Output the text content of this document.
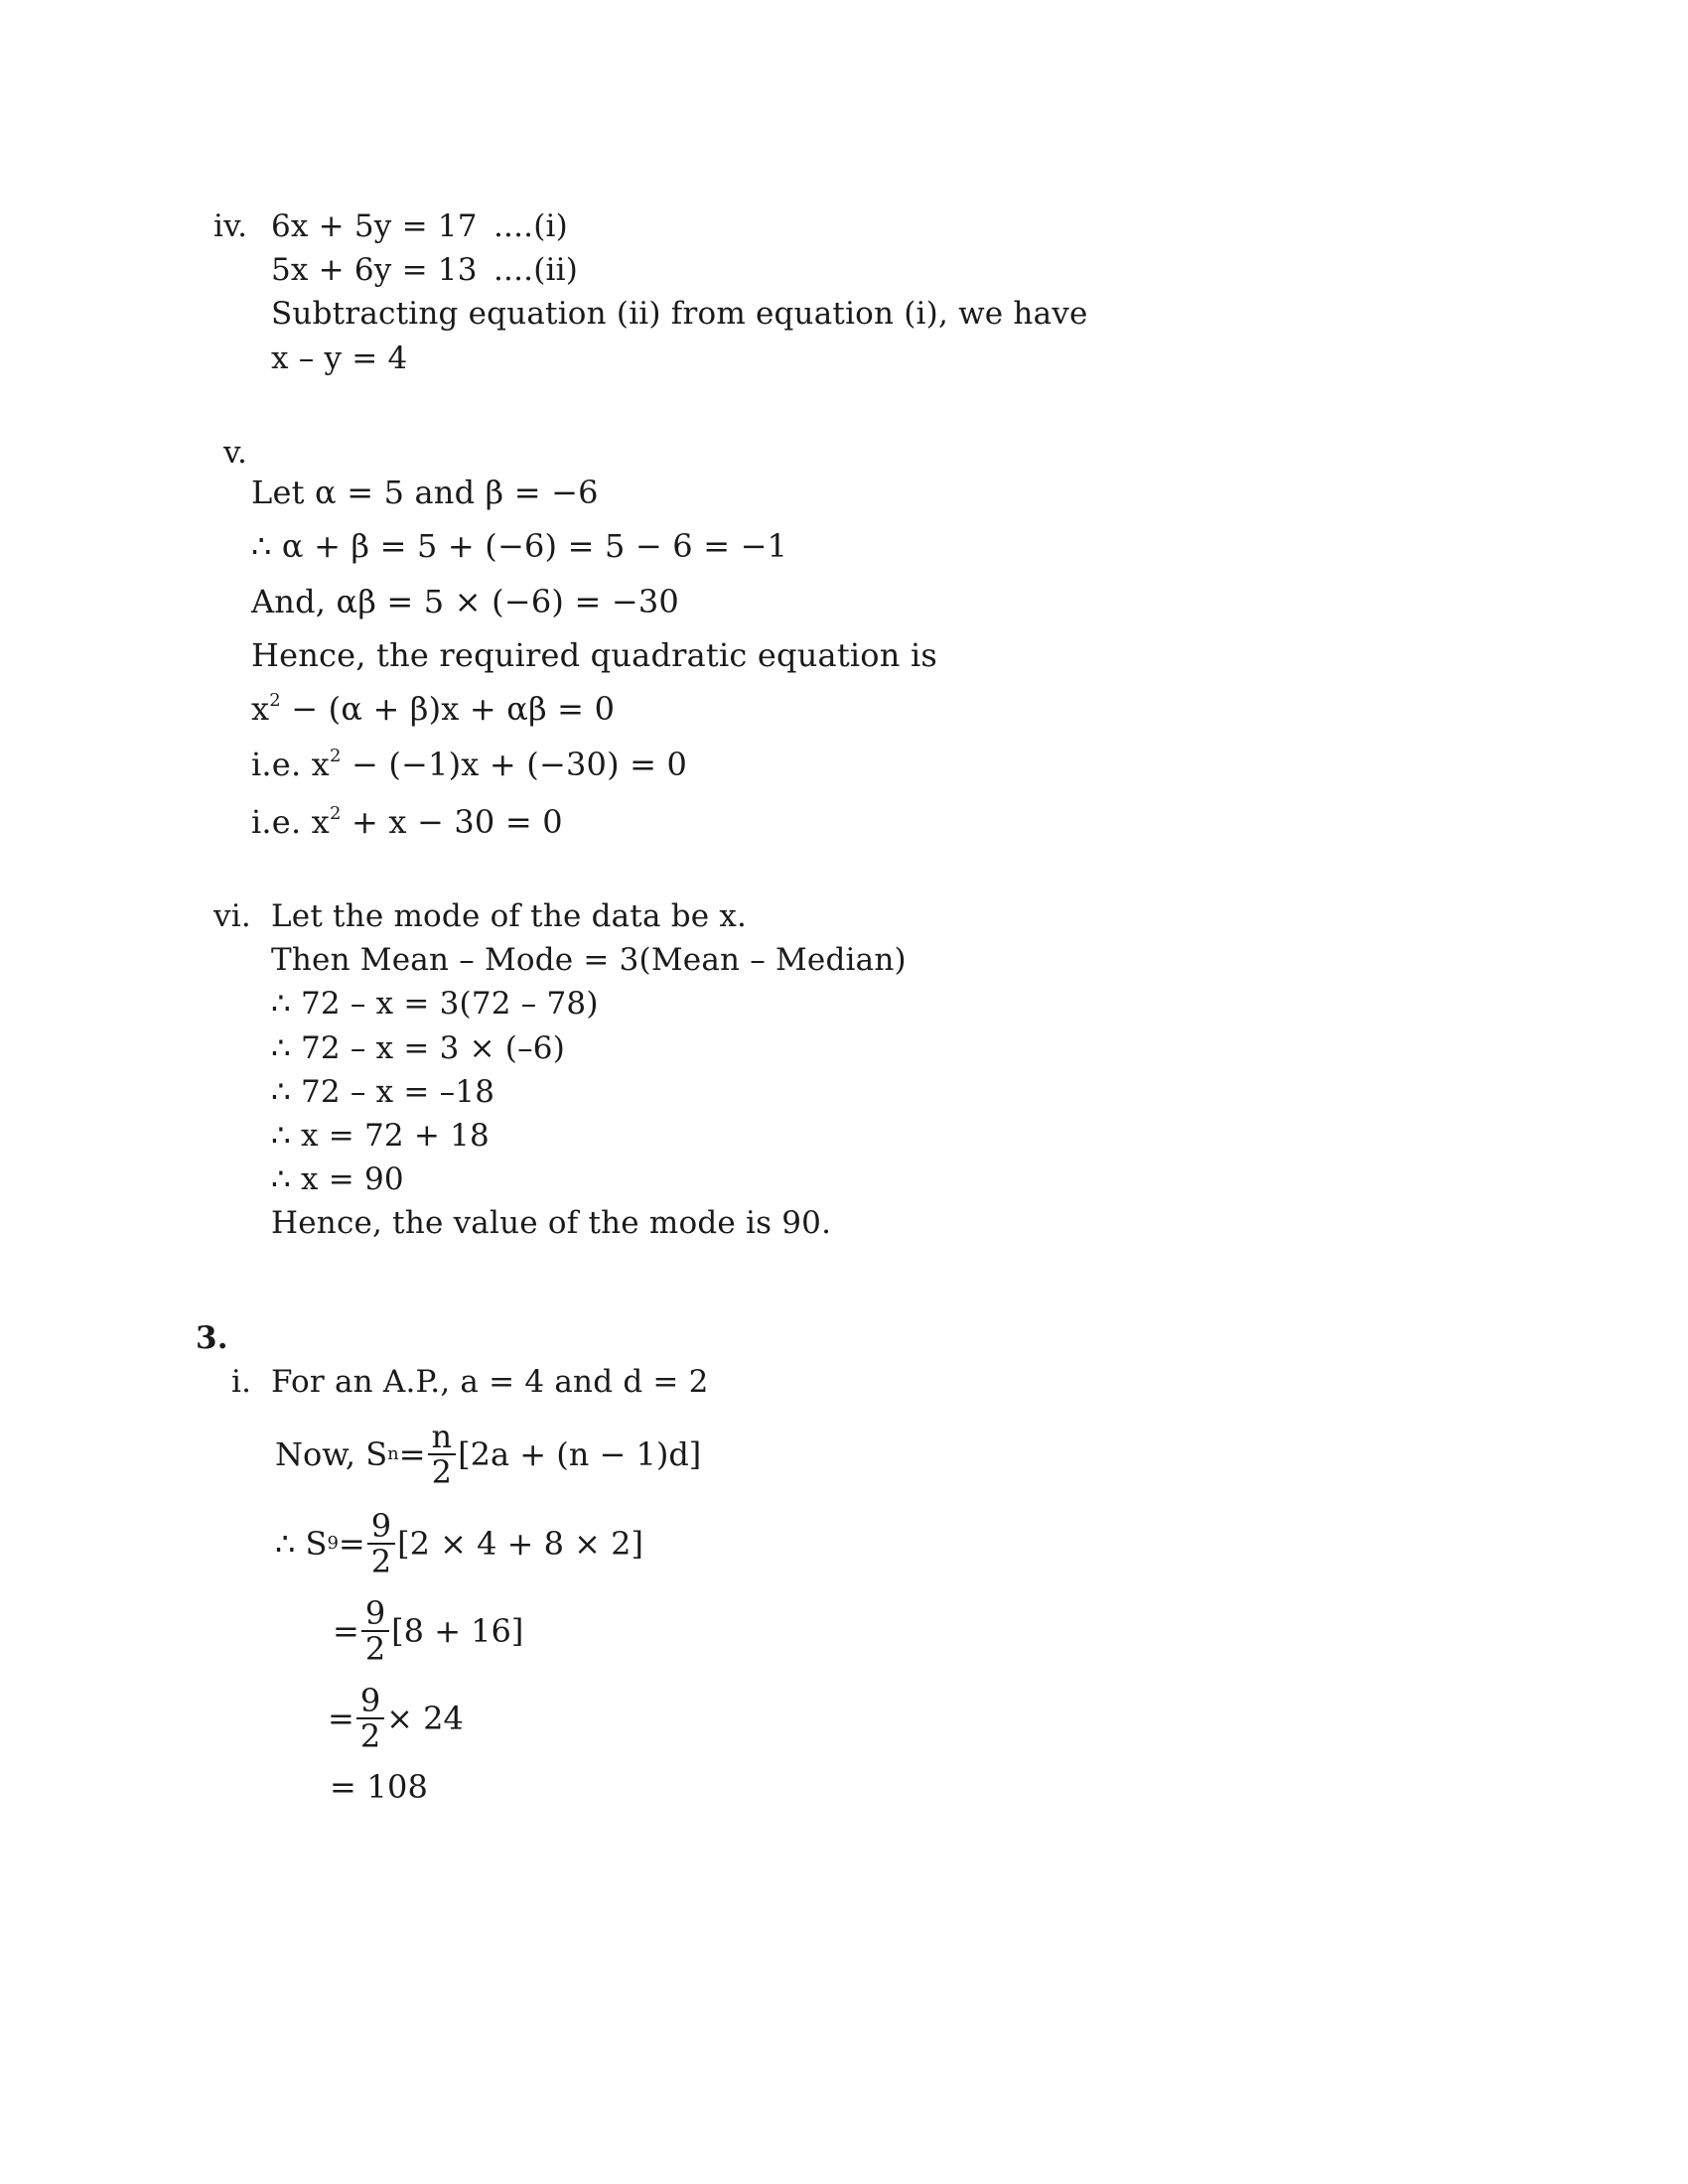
iv. 6x + 5y = 17 ....(i)
5x + 6y = 13 ....(ii)
Subtracting equation (ii) from equation (i), we have
x – y = 4
v.
Let α = 5 and β = −6
∴ α + β = 5 + (−6) = 5 − 6 = −1
And, αβ = 5 × (−6) = −30
Hence, the required quadratic equation is
$x^2 - (\alpha + \beta)x + \alpha\beta = 0$
i.e. $x^2 - (-1)x + (-30) = 0$
i.e. $x^2 + x - 30 = 0$
vi. Let the mode of the data be x.
Then Mean – Mode = 3(Mean – Median)
∴ 72 – x = 3(72 – 78)
∴ 72 – x = 3 × (–6)
∴ 72 – x = –18
∴ x = 72 + 18
∴ x = 90
Hence, the value of the mode is 90.
3.
i. For an A.P., a = 4 and d = 2
Now, S $n = \frac{n}{2} [2a + (n - 1)d]$
∴ S $9 = \frac{9}{2} [2 \times 4 + 8 \times 2]$
= $\frac{9}{2} [8 + 16]$
= $\frac{9}{2} \times 24$
= 108
